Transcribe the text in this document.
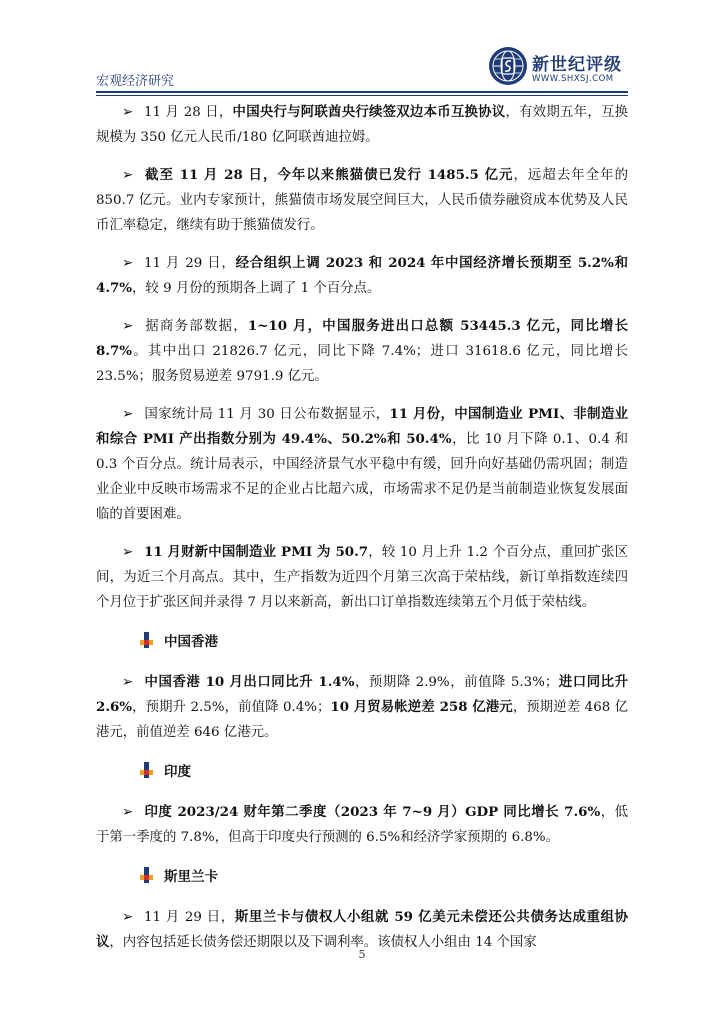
宏观经济研究
新世纪评级
WWW.SHXSJ.COM

➢ 11 月 28 日，中国央行与阿联酋央行续签双边本币互换协议，有效期五年，互换规模为 350 亿元人民币/180 亿阿联酋迪拉姆。

➢ 截至 11 月 28 日，今年以来熊猫债已发行 1485.5 亿元，远超去年全年的 850.7 亿元。业内专家预计，熊猫债市场发展空间巨大，人民币债券融资成本优势及人民币汇率稳定，继续有助于熊猫债发行。

➢ 11 月 29 日，经合组织上调 2023 和 2024 年中国经济增长预期至 5.2%和 4.7%，较 9 月份的预期各上调了 1 个百分点。

➢ 据商务部数据，1~10 月，中国服务进出口总额 53445.3 亿元，同比增长 8.7%。其中出口 21826.7 亿元，同比下降 7.4%；进口 31618.6 亿元，同比增长 23.5%；服务贸易逆差 9791.9 亿元。

➢ 国家统计局 11 月 30 日公布数据显示，11 月份，中国制造业 PMI、非制造业和综合 PMI 产出指数分别为 49.4%、50.2%和 50.4%，比 10 月下降 0.1、0.4 和 0.3 个百分点。统计局表示，中国经济景气水平稳中有缓，回升向好基础仍需巩固；制造业企业中反映市场需求不足的企业占比超六成，市场需求不足仍是当前制造业恢复发展面临的首要困难。

➢ 11 月财新中国制造业 PMI 为 50.7，较 10 月上升 1.2 个百分点，重回扩张区间，为近三个月高点。其中，生产指数为近四个月第三次高于荣枯线，新订单指数连续四个月位于扩张区间并录得 7 月以来新高，新出口订单指数连续第五个月低于荣枯线。

中国香港

➢ 中国香港 10 月出口同比升 1.4%，预期降 2.9%，前值降 5.3%；进口同比升 2.6%，预期升 2.5%，前值降 0.4%；10 月贸易帐逆差 258 亿港元，预期逆差 468 亿港元，前值逆差 646 亿港元。

印度

➢ 印度 2023/24 财年第二季度（2023 年 7~9 月）GDP 同比增长 7.6%，低于第一季度的 7.8%，但高于印度央行预测的 6.5%和经济学家预期的 6.8%。

斯里兰卡

➢ 11 月 29 日，斯里兰卡与债权人小组就 59 亿美元未偿还公共债务达成重组协议，内容包括延长债务偿还期限以及下调利率。该债权人小组由 14 个国家

5
